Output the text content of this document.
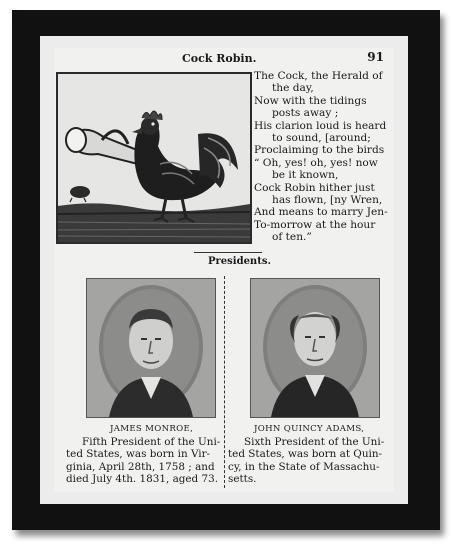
Cock Robin.	91
The Cock, the Herald of
the day,
Now with the tidings
posts away ;
His clarion loud is heard
to sound, [around;
Proclaiming to the birds
“ Oh, yes! oh, yes! now
be it known,
Cock Robin hither just
has flown, [ny Wren,
And means to marry Jen-
To-morrow at the hour
of ten.”
Presidents.
JAMES MONROE,	JOHN QUINCY ADAMS,
Fifth President of the Uni-
ted States, was born in Vir-
ginia, April 28th, 1758 ; and
died July 4th. 1831, aged 73.
Sixth President of the Uni-
ted States, was born at Quin-
cy, in the State of Massachu-
setts.
